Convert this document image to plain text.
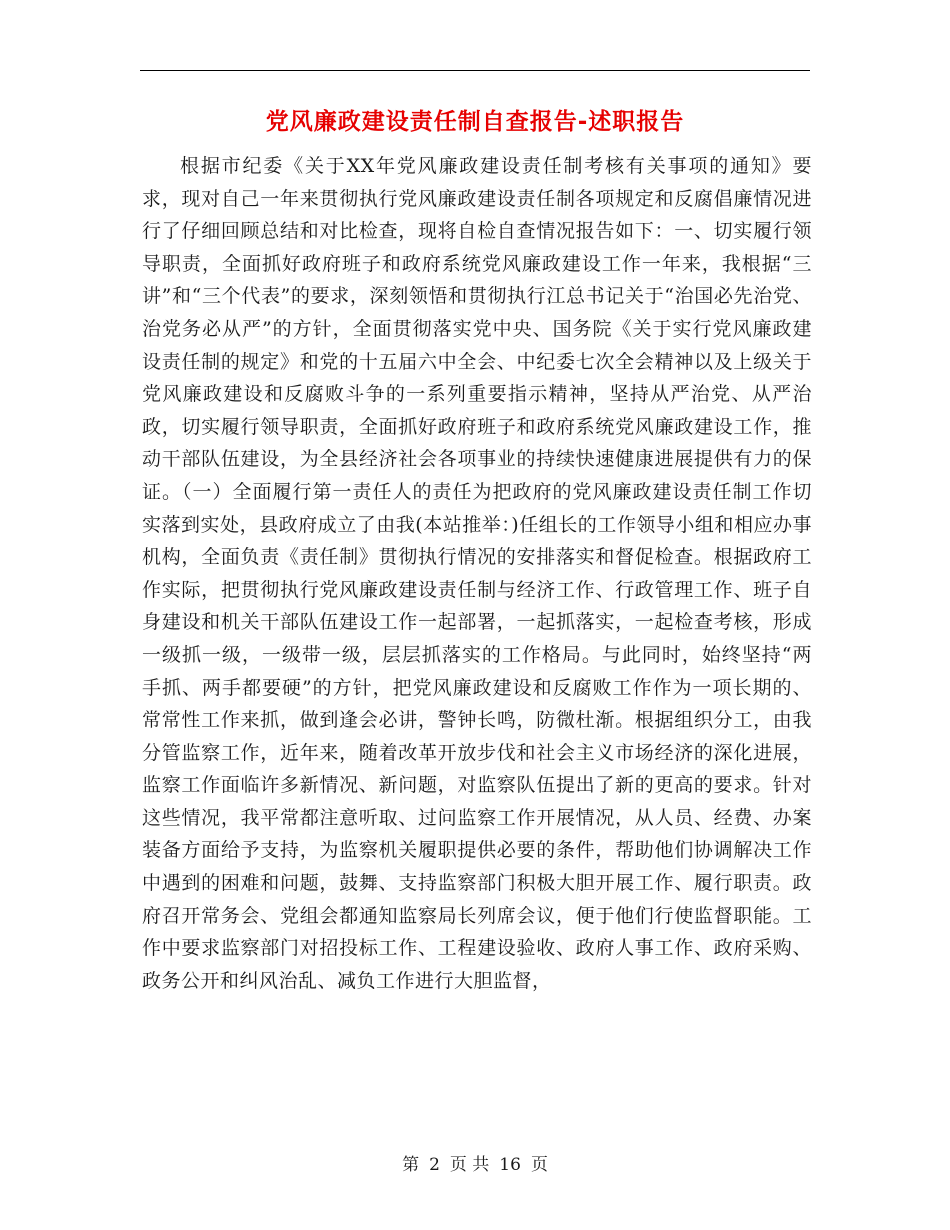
党风廉政建设责任制自查报告-述职报告

根据市纪委《关于XX年党风廉政建设责任制考核有关事项的通知》要求，现对自己一年来贯彻执行党风廉政建设责任制各项规定和反腐倡廉情况进行了仔细回顾总结和对比检查，现将自检自查情况报告如下：一、切实履行领导职责，全面抓好政府班子和政府系统党风廉政建设工作一年来，我根据“三讲”和“三个代表”的要求，深刻领悟和贯彻执行江总书记关于“治国必先治党、治党务必从严”的方针，全面贯彻落实党中央、国务院《关于实行党风廉政建设责任制的规定》和党的十五届六中全会、中纪委七次全会精神以及上级关于党风廉政建设和反腐败斗争的一系列重要指示精神，坚持从严治党、从严治政，切实履行领导职责，全面抓好政府班子和政府系统党风廉政建设工作，推动干部队伍建设，为全县经济社会各项事业的持续快速健康进展提供有力的保证。（一）全面履行第一责任人的责任为把政府的党风廉政建设责任制工作切实落到实处，县政府成立了由我(本站推举：)任组长的工作领导小组和相应办事机构，全面负责《责任制》贯彻执行情况的安排落实和督促检查。根据政府工作实际，把贯彻执行党风廉政建设责任制与经济工作、行政管理工作、班子自身建设和机关干部队伍建设工作一起部署，一起抓落实，一起检查考核，形成一级抓一级，一级带一级，层层抓落实的工作格局。与此同时，始终坚持“两手抓、两手都要硬”的方针，把党风廉政建设和反腐败工作作为一项长期的、常常性工作来抓，做到逢会必讲，警钟长鸣，防微杜渐。根据组织分工，由我分管监察工作，近年来，随着改革开放步伐和社会主义市场经济的深化进展，监察工作面临许多新情况、新问题，对监察队伍提出了新的更高的要求。针对这些情况，我平常都注意听取、过问监察工作开展情况，从人员、经费、办案装备方面给予支持，为监察机关履职提供必要的条件，帮助他们协调解决工作中遇到的困难和问题，鼓舞、支持监察部门积极大胆开展工作、履行职责。政府召开常务会、党组会都通知监察局长列席会议，便于他们行使监督职能。工作中要求监察部门对招投标工作、工程建设验收、政府人事工作、政府采购、政务公开和纠风治乱、减负工作进行大胆监督，

第 2 页 共 16 页
